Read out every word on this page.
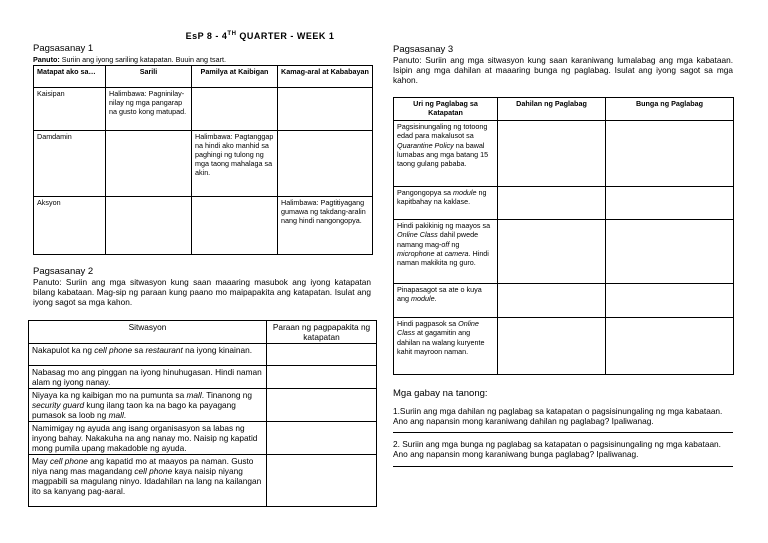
EsP 8 - 4TH QUARTER - WEEK 1
Pagsasanay 1
Panuto: Suriin ang iyong sariling katapatan. Buuin ang tsart.
Matapat ako sa…	Sarili	Pamilya at Kaibigan	Kamag-aral at Kababayan
Kaisipan	Halimbawa: Pagninilay-nilay ng mga pangarap na gusto kong matupad.		
Damdamin		Halimbawa: Pagtanggap na hindi ako manhid sa paghingi ng tulong ng mga taong mahalaga sa akin.	
Aksyon			Halimbawa: Pagtitiyagang gumawa ng takdang-aralin nang hindi nangongopya.
Pagsasanay 2
Panuto: Suriin ang mga sitwasyon kung saan maaaring masubok ang iyong katapatan bilang kabataan. Mag-sip ng paraan kung paano mo maipapakita ang katapatan. Isulat ang iyong sagot sa mga kahon.
Sitwasyon	Paraan ng pagpapakita ng katapatan
Nakapulot ka ng cell phone sa restaurant na iyong kinainan.	
Nabasag mo ang pinggan na iyong hinuhugasan. Hindi naman alam ng iyong nanay.	
Niyaya ka ng kaibigan mo na pumunta sa mall. Tinanong ng security guard kung ilang taon ka na bago ka payagang pumasok sa loob ng mall.	
Namimigay ng ayuda ang isang organisasyon sa labas ng inyong bahay. Nakakuha na ang nanay mo. Naisip ng kapatid mong pumila upang makadoble ng ayuda.	
May cell phone ang kapatid mo at maayos pa naman. Gusto niya nang mas magandang cell phone kaya naisip niyang magpabili sa magulang ninyo. Idadahilan na lang na kailangan ito sa kanyang pag-aaral.	
Pagsasanay 3
Panuto: Suriin ang mga sitwasyon kung saan karaniwang lumalabag ang mga kabataan. Isipin ang mga dahilan at maaaring bunga ng paglabag. Isulat ang iyong sagot sa mga kahon.
Uri ng Paglabag sa Katapatan	Dahilan ng Paglabag	Bunga ng Paglabag
Pagsisinungaling ng totoong edad para makalusot sa Quarantine Policy na bawal lumabas ang mga batang 15 taong gulang pababa.		
Pangongopya sa module ng kapitbahay na kaklase.		
Hindi pakikinig ng maayos sa Online Class dahil pwede namang mag-off ng microphone at camera. Hindi naman makikita ng guro.		
Pinapasagot sa ate o kuya ang module.		
Hindi pagpasok sa Online Class at gagamitin ang dahilan na walang kuryente kahit mayroon naman.		
Mga gabay na tanong:
1.Suriin ang mga dahilan ng paglabag sa katapatan o pagsisinungaling ng mga kabataan. Ano ang napansin mong karaniwang dahilan ng paglabag? Ipaliwanag.
2. Suriin ang mga bunga ng paglabag sa katapatan o pagsisinungaling ng mga kabataan. Ano ang napansin mong karaniwang bunga paglabag? Ipaliwanag.
